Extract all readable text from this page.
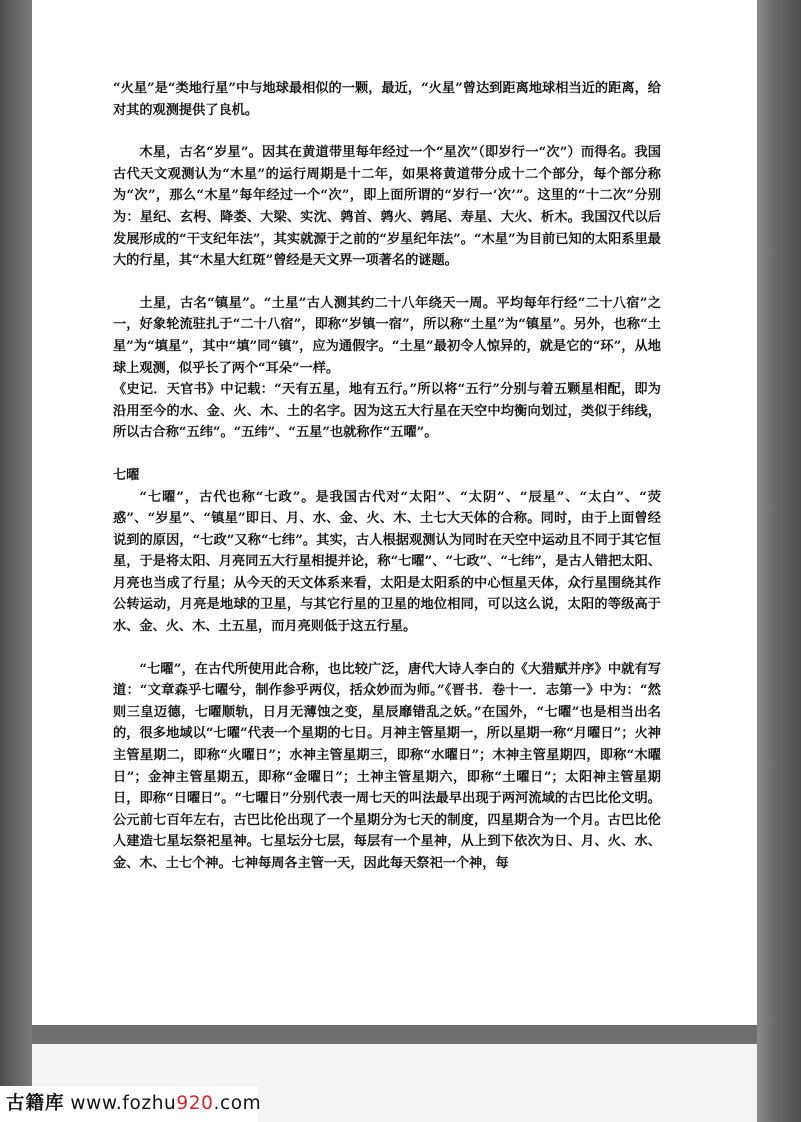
“火星”是“类地行星”中与地球最相似的一颗，最近，“火星”曾达到距离地球相当近的距离，给对其的观测提供了良机。

木星，古名“岁星”。因其在黄道带里每年经过一个“星次”（即岁行一“次”）而得名。我国古代天文观测认为“木星”的运行周期是十二年，如果将黄道带分成十二个部分，每个部分称为“次”，那么“木星”每年经过一个“次”，即上面所谓的“岁行一‘次’”。这里的“十二次”分别为：星纪、玄枵、降娄、大梁、实沈、鹑首、鹑火、鹑尾、寿星、大火、析木。我国汉代以后发展形成的“干支纪年法”，其实就源于之前的“岁星纪年法”。“木星”为目前已知的太阳系里最大的行星，其“木星大红斑”曾经是天文界一项著名的谜题。

土星，古名“镇星”。“土星”古人测其约二十八年绕天一周。平均每年行经“二十八宿”之一，好象轮流驻扎于“二十八宿”，即称“岁镇一宿”，所以称“土星”为“镇星”。另外，也称“土星”为“填星”，其中“填”同“镇”，应为通假字。“土星”最初令人惊异的，就是它的“环”，从地球上观测，似乎长了两个“耳朵”一样。

《史记．天官书》中记载：“天有五星，地有五行。”所以将“五行”分别与着五颗星相配，即为沿用至今的水、金、火、木、土的名字。因为这五大行星在天空中均衡向划过，类似于纬线，所以古合称“五纬”。“五纬”、“五星”也就称作“五曜”。

七曜

“七曜”，古代也称“七政”。是我国古代对“太阳”、“太阴”、“辰星”、“太白”、“荧惑”、“岁星”、“镇星”即日、月、水、金、火、木、土七大天体的合称。同时，由于上面曾经说到的原因，“七政”又称“七纬”。其实，古人根据观测认为同时在天空中运动且不同于其它恒星，于是将太阳、月亮同五大行星相提并论，称“七曜”、“七政”、“七纬”，是古人错把太阳、月亮也当成了行星；从今天的天文体系来看，太阳是太阳系的中心恒星天体，众行星围绕其作公转运动，月亮是地球的卫星，与其它行星的卫星的地位相同，可以这么说，太阳的等级高于水、金、火、木、土五星，而月亮则低于这五行星。

“七曜”，在古代所使用此合称，也比较广泛，唐代大诗人李白的《大猎赋并序》中就有写道：“文章森乎七曜兮，制作参乎两仪，括众妙而为师。”《晋书．卷十一．志第一》中为：“然则三皇迈德，七曜顺轨，日月无薄蚀之变，星辰靡错乱之妖。”在国外，“七曜”也是相当出名的，很多地域以“七曜”代表一个星期的七日。月神主管星期一，所以星期一称“月曜日”；火神主管星期二，即称“火曜日”；水神主管星期三，即称“水曜日”；木神主管星期四，即称“木曜日”；金神主管星期五，即称“金曜日”；土神主管星期六，即称“土曜日”；太阳神主管星期日，即称“日曜日”。“七曜日”分别代表一周七天的叫法最早出现于两河流域的古巴比伦文明。公元前七百年左右，古巴比伦出现了一个星期分为七天的制度，四星期合为一个月。古巴比伦人建造七星坛祭祀星神。七星坛分七层，每层有一个星神，从上到下依次为日、月、火、水、金、木、土七个神。七神每周各主管一天，因此每天祭祀一个神，每

古籍库 www.fozhu920.com
